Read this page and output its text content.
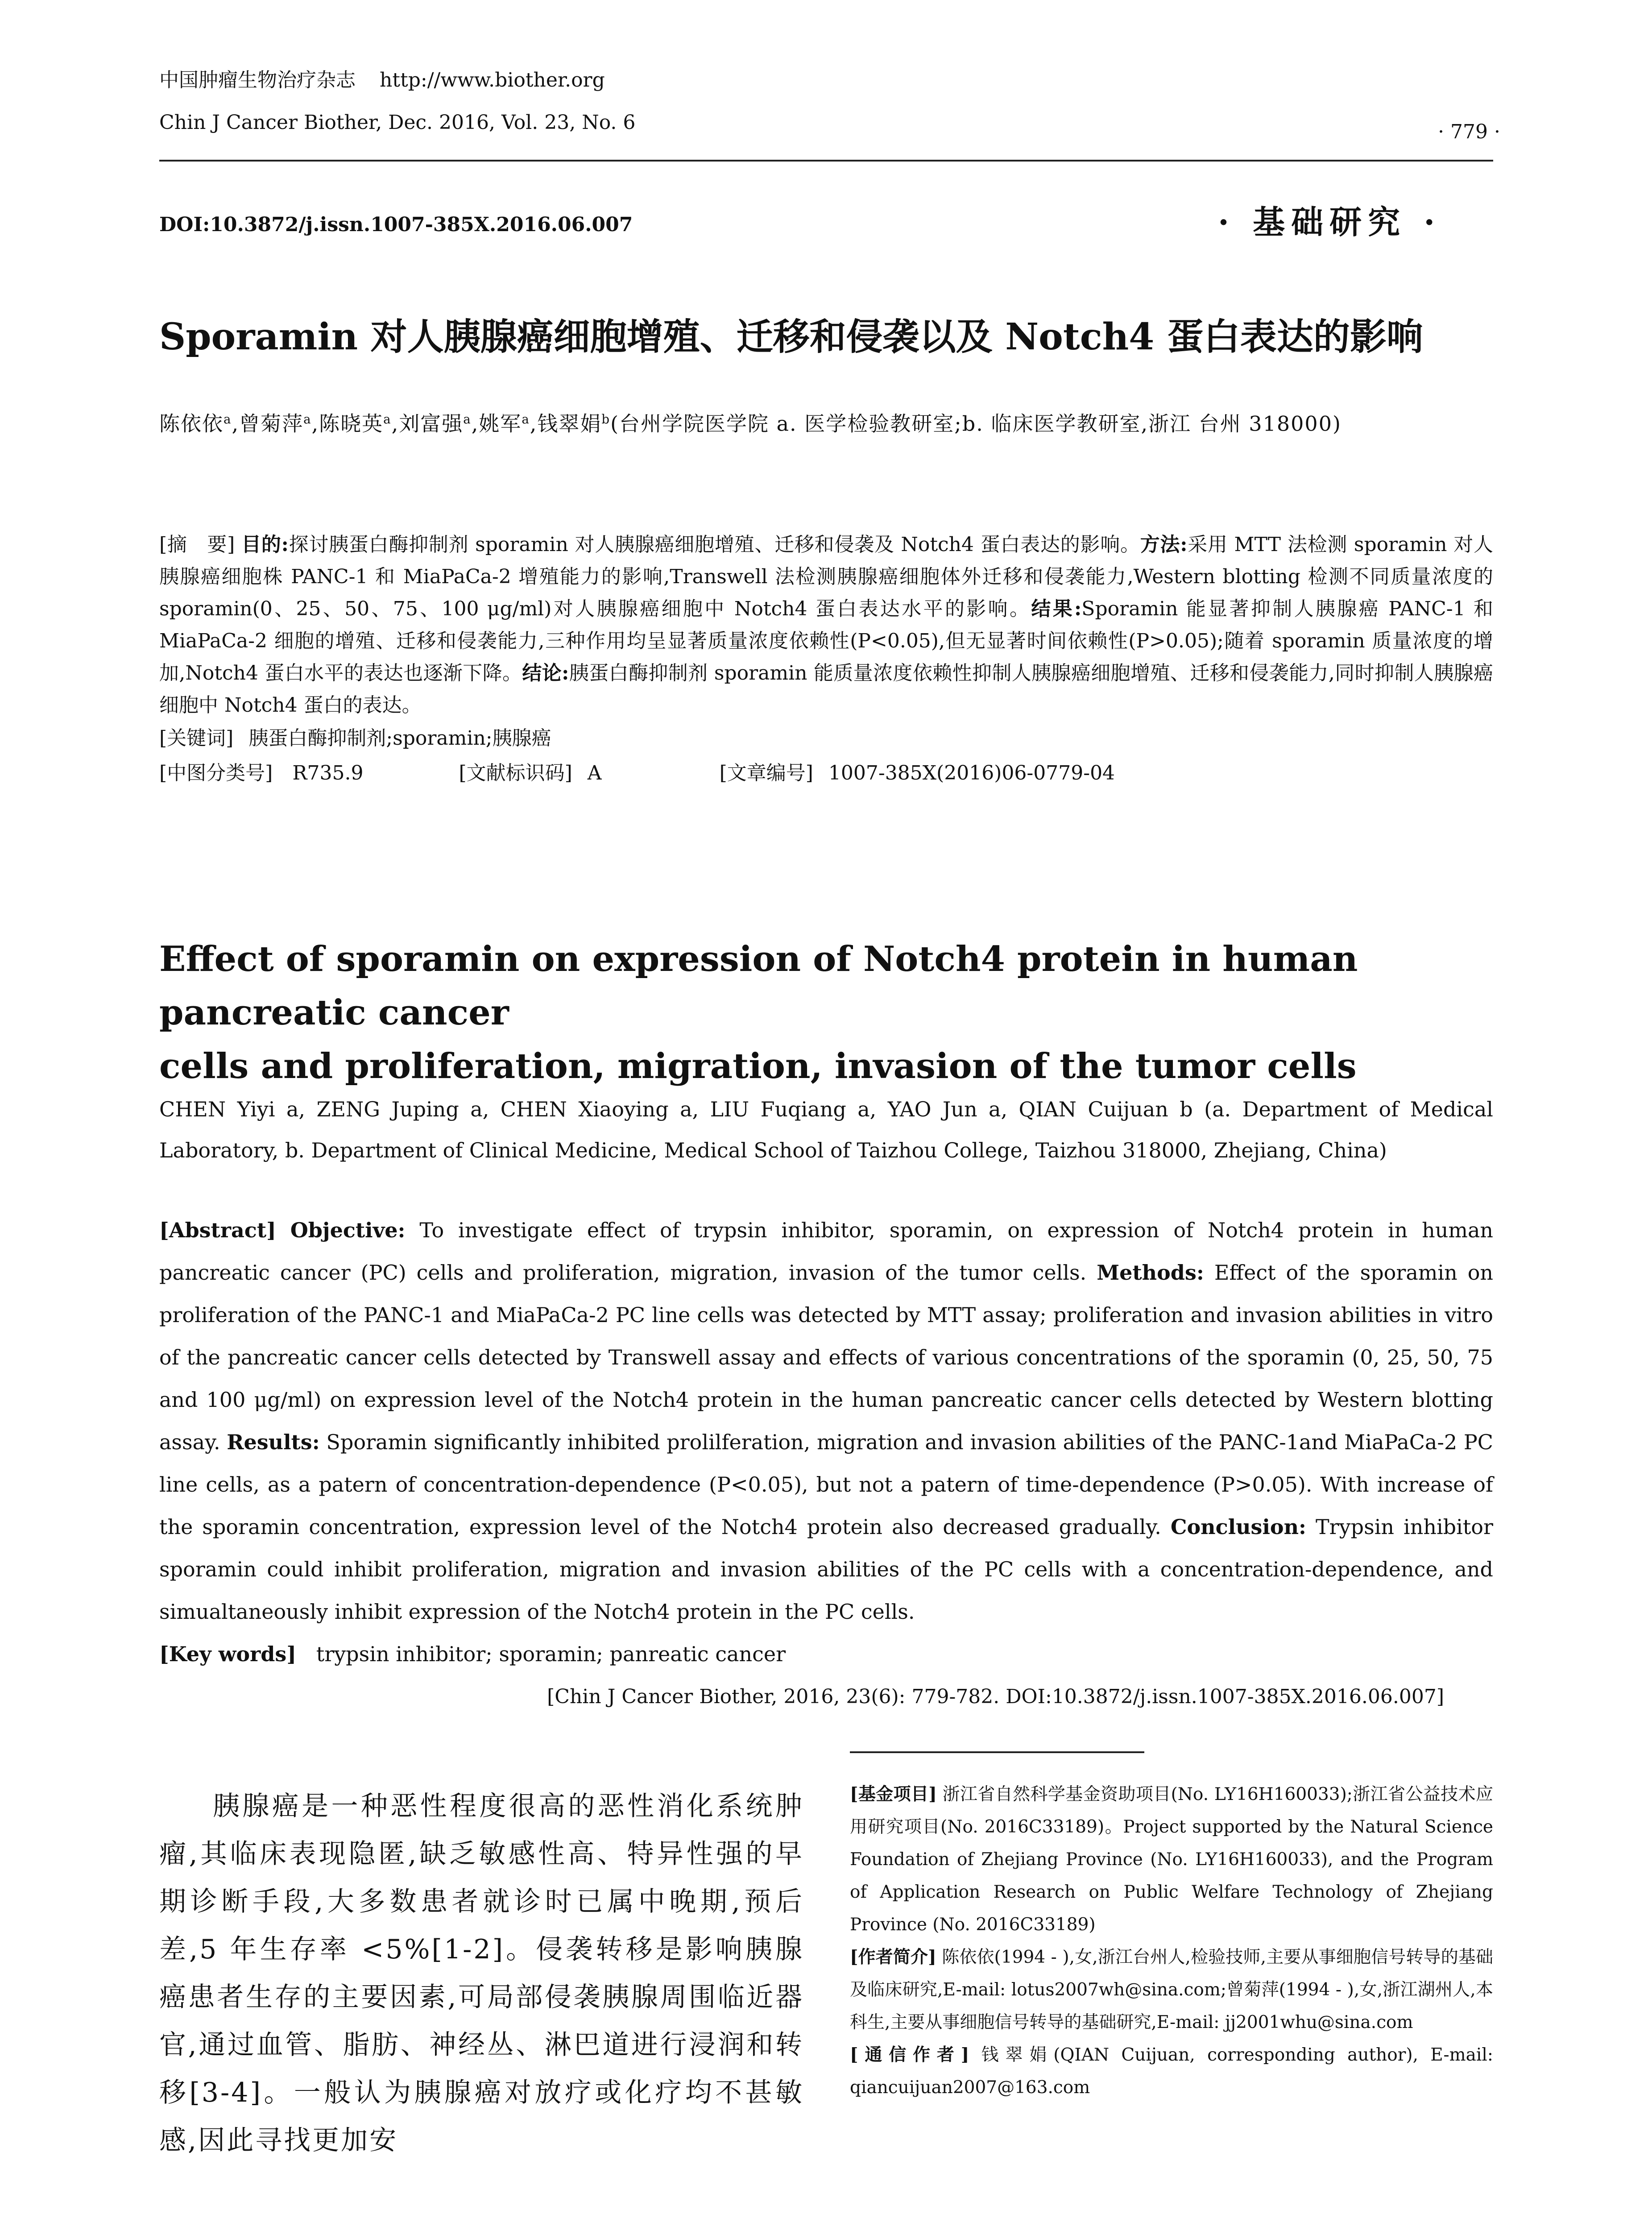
中国肿瘤生物治疗杂志 http://www.biother.org
Chin J Cancer Biother, Dec. 2016, Vol. 23, No. 6	· 779 ·
DOI:10.3872/j.issn.1007-385X.2016.06.007	· 基础研究 ·
Sporamin 对人胰腺癌细胞增殖、迁移和侵袭以及 Notch4 蛋白表达的影响
陈依依$^a$,曾菊萍$^a$,陈晓英$^a$,刘富强$^a$,姚军$^a$,钱翠娟$^b$(台州学院医学院 a. 医学检验教研室;b. 临床医学教研室,浙江 台州 318000)

[摘　要] 目的:探讨胰蛋白酶抑制剂 sporamin 对人胰腺癌细胞增殖、迁移和侵袭及 Notch4 蛋白表达的影响。方法:采用 MTT 法检测 sporamin 对人胰腺癌细胞株 PANC-1 和 MiaPaCa-2 增殖能力的影响,Transwell 法检测胰腺癌细胞体外迁移和侵袭能力,Western blotting 检测不同质量浓度的 sporamin(0、25、50、75、100 μg/ml)对人胰腺癌细胞中 Notch4 蛋白表达水平的影响。结果:Sporamin 能显著抑制人胰腺癌 PANC-1 和 MiaPaCa-2 细胞的增殖、迁移和侵袭能力,三种作用均呈显著质量浓度依赖性(P<0.05),但无显著时间依赖性(P>0.05);随着 sporamin 质量浓度的增加,Notch4 蛋白水平的表达也逐渐下降。结论:胰蛋白酶抑制剂 sporamin 能质量浓度依赖性抑制人胰腺癌细胞增殖、迁移和侵袭能力,同时抑制人胰腺癌细胞中 Notch4 蛋白的表达。

[关键词] 胰蛋白酶抑制剂;sporamin;胰腺癌

[中图分类号] R735.9	[文献标识码] A	[文章编号] 1007-385X(2016)06-0779-04

Effect of sporamin on expression of Notch4 protein in human pancreatic cancer
cells and proliferation, migration, invasion of the tumor cells
CHEN Yiyi a, ZENG Juping a, CHEN Xiaoying a, LIU Fuqiang a, YAO Jun a, QIAN Cuijuan b (a. Department of Medical Laboratory, b. Department of Clinical Medicine, Medical School of Taizhou College, Taizhou 318000, Zhejiang, China)

[Abstract] Objective: To investigate effect of trypsin inhibitor, sporamin, on expression of Notch4 protein in human pancreatic cancer (PC) cells and proliferation, migration, invasion of the tumor cells. Methods: Effect of the sporamin on proliferation of the PANC-1 and MiaPaCa-2 PC line cells was detected by MTT assay; proliferation and invasion abilities in vitro of the pancreatic cancer cells detected by Transwell assay and effects of various concentrations of the sporamin (0, 25, 50, 75 and 100 μg/ml) on expression level of the Notch4 protein in the human pancreatic cancer cells detected by Western blotting assay. Results: Sporamin significantly inhibited prolilferation, migration and invasion abilities of the PANC-1and MiaPaCa-2 PC line cells, as a patern of concentration-dependence (P<0.05), but not a patern of time-dependence (P>0.05). With increase of the sporamin concentration, expression level of the Notch4 protein also decreased gradually. Conclusion: Trypsin inhibitor sporamin could inhibit proliferation, migration and invasion abilities of the PC cells with a concentration-dependence, and simualtaneously inhibit expression of the Notch4 protein in the PC cells.

[Key words] trypsin inhibitor; sporamin; panreatic cancer

[Chin J Cancer Biother, 2016, 23(6): 779-782. DOI:10.3872/j.issn.1007-385X.2016.06.007]

胰腺癌是一种恶性程度很高的恶性消化系统肿瘤,其临床表现隐匿,缺乏敏感性高、特异性强的早期诊断手段,大多数患者就诊时已属中晚期,预后差,5 年生存率 <5%[1-2]。侵袭转移是影响胰腺癌患者生存的主要因素,可局部侵袭胰腺周围临近器官,通过血管、脂肪、神经丛、淋巴道进行浸润和转移[3-4]。一般认为胰腺癌对放疗或化疗均不甚敏感,因此寻找更加安

[基金项目] 浙江省自然科学基金资助项目(No. LY16H160033);浙江省公益技术应用研究项目(No. 2016C33189)。Project supported by the Natural Science Foundation of Zhejiang Province (No. LY16H160033), and the Program of Application Research on Public Welfare Technology of Zhejiang Province (No. 2016C33189)

[作者简介] 陈依依(1994 - ),女,浙江台州人,检验技师,主要从事细胞信号转导的基础及临床研究,E-mail: lotus2007wh@sina.com;曾菊萍(1994 - ),女,浙江湖州人,本科生,主要从事细胞信号转导的基础研究,E-mail: jj2001whu@sina.com

[通信作者] 钱翠娟(QIAN Cuijuan, corresponding author), E-mail: qiancuijuan2007@163.com
